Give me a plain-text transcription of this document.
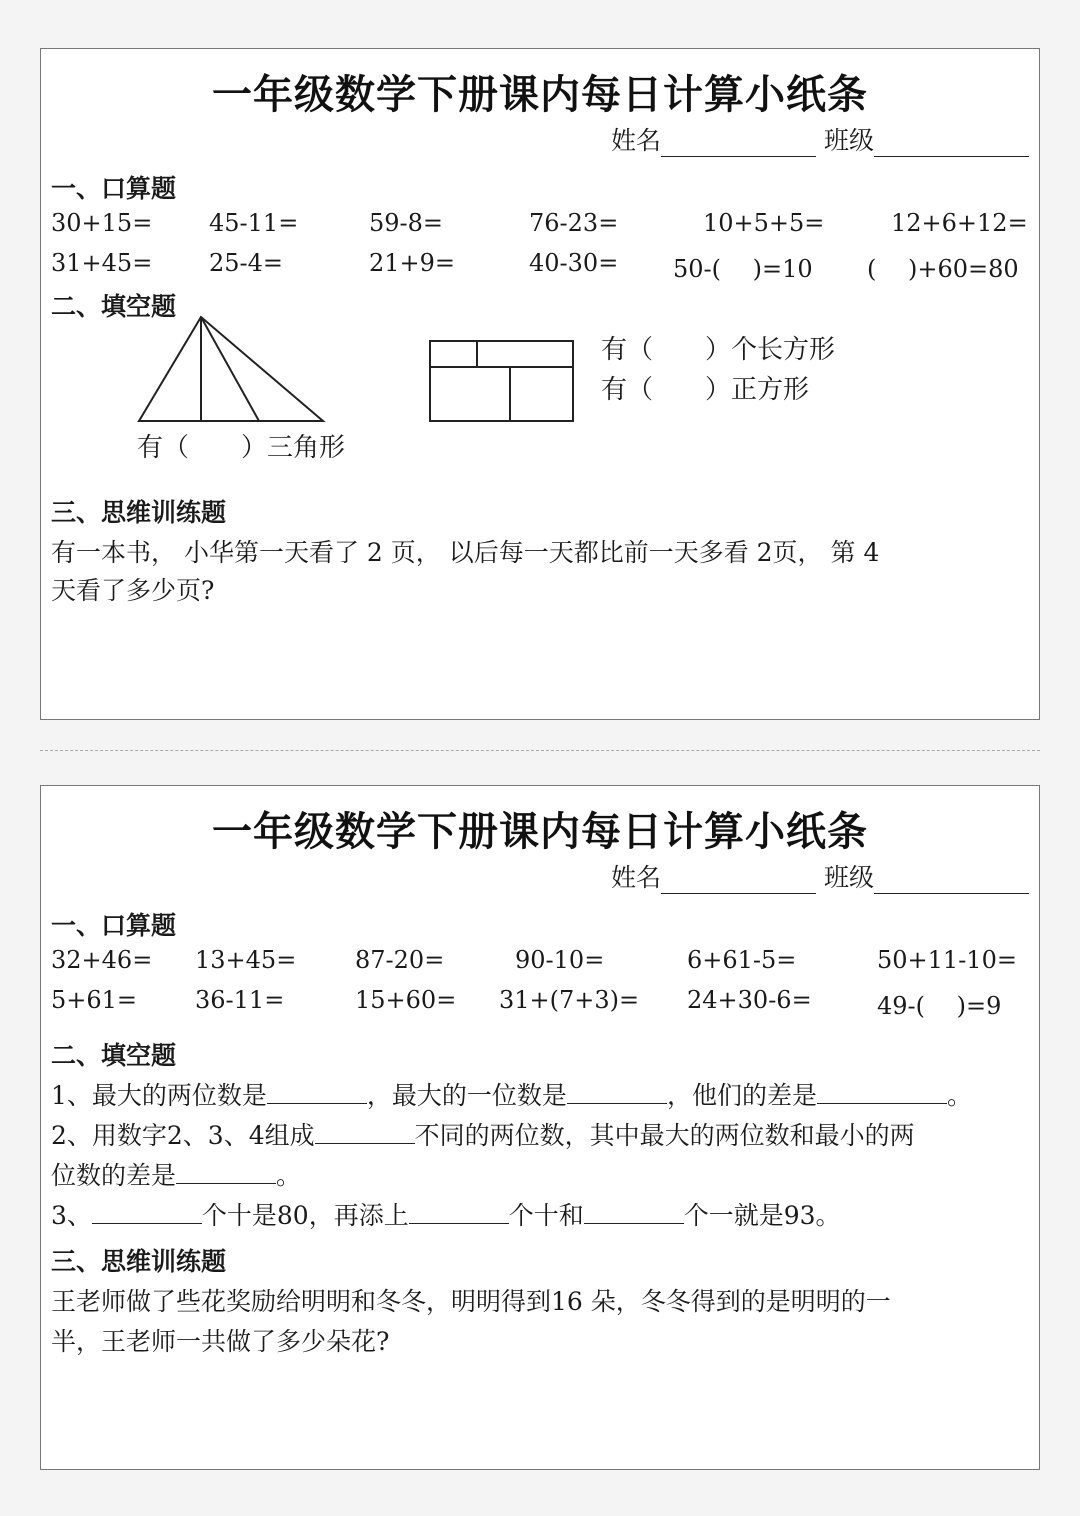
一年级数学下册课内每日计算小纸条
姓名	班级
一、口算题
30+15= 45-11=	59-8=	76-23=	10+5+5=	12+6+12=
31+45= 25-4=	21+9=	40-30= 50-(　 )=10 (　 )+60=80
二、填空题
有（　　）三角形
有（　　）个长方形
有（　　）正方形
三、思维训练题
有一本书， 小华第一天看了 2 页， 以后每一天都比前一天多看 2页， 第 4
天看了多少页?
一年级数学下册课内每日计算小纸条
姓名	班级
一、口算题
32+46= 13+45= 87-20=	90-10=	6+61-5=	50+11-10=
5+61= 36-11=	15+60= 31+(7+3)= 24+30-6=	49-(　 )=9
二、填空题
1、最大的两位数是	，最大的一位数是	，他们的差是	。
2、用数字2、3、4组成	不同的两位数，其中最大的两位数和最小的两
位数的差是	。
3、	个十是80，再添上	个十和	个一就是93。
三、思维训练题
王老师做了些花奖励给明明和冬冬，明明得到16 朵，冬冬得到的是明明的一
半，王老师一共做了多少朵花?
